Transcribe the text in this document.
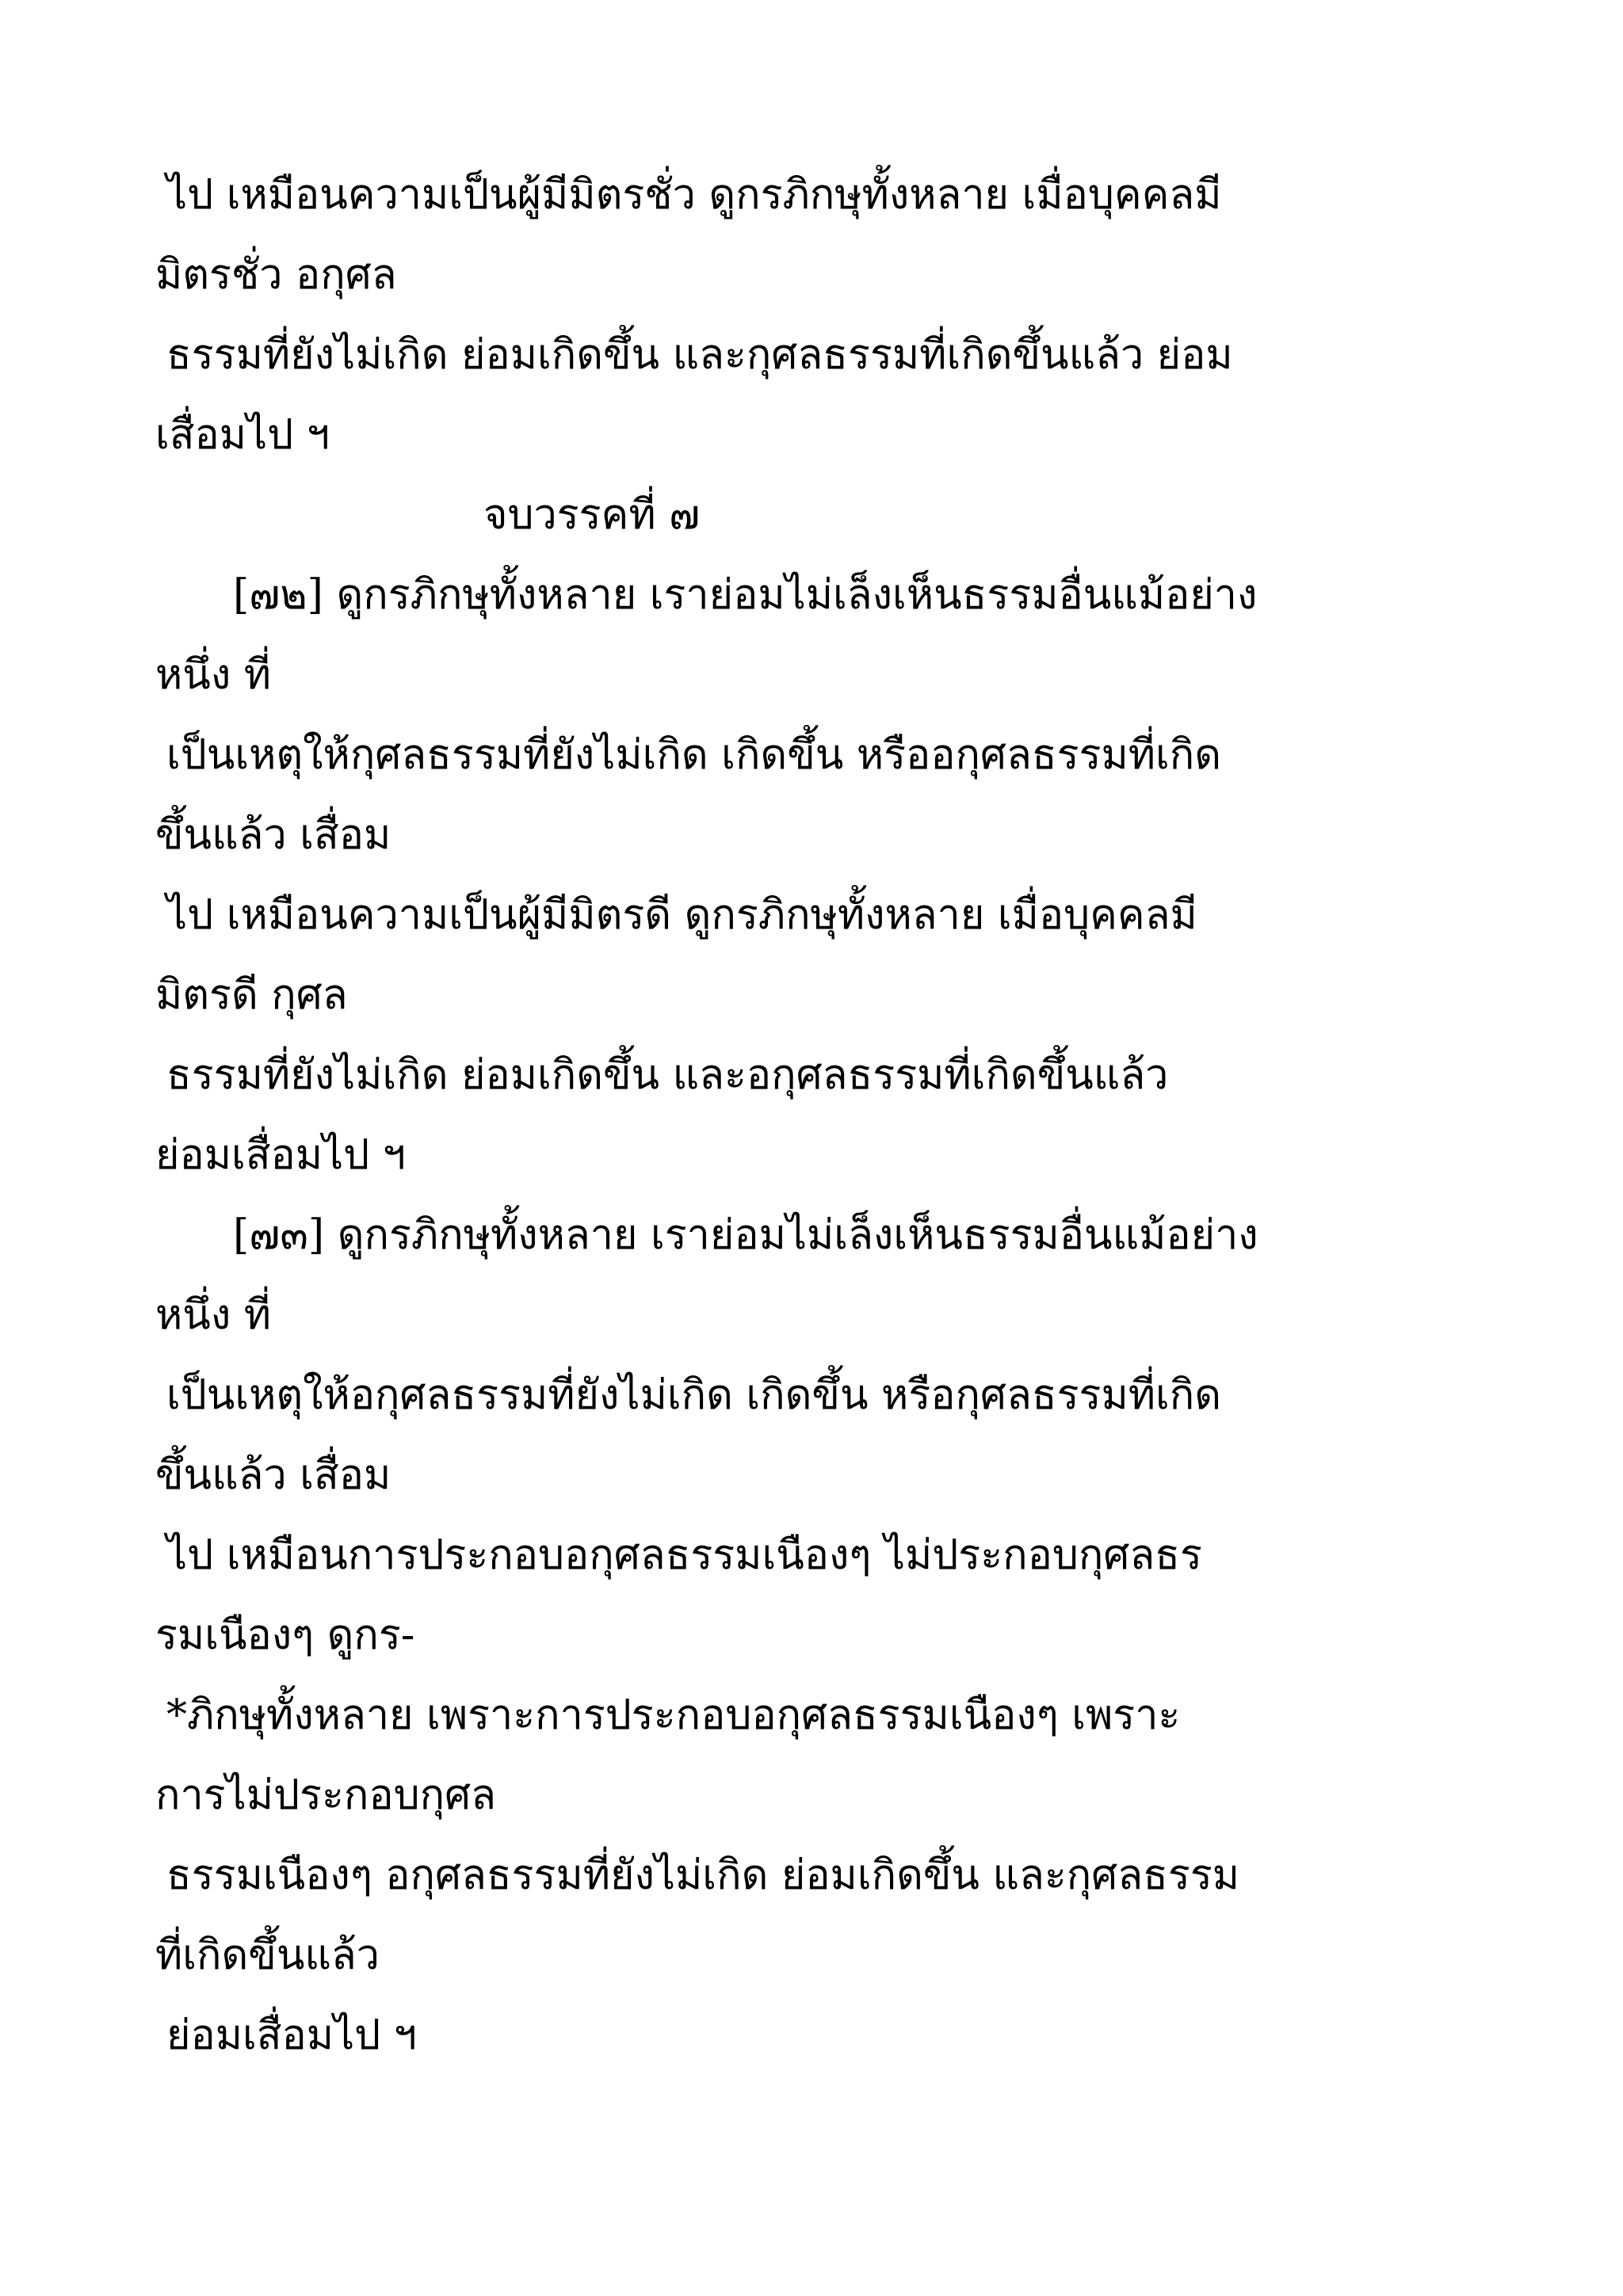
ไป เหมือนความเป็นผู้มีมิตรชั่ว ดูกรภิกษุทั้งหลาย เมื่อบุคคลมี
มิตรชั่ว อกุศล
ธรรมที่ยังไม่เกิด ย่อมเกิดขึ้น และกุศลธรรมที่เกิดขึ้นแล้ว ย่อม
เสื่อมไป ฯ
จบวรรคที่ ๗
[๗๒] ดูกรภิกษุทั้งหลาย เราย่อมไม่เล็งเห็นธรรมอื่นแม้อย่าง
หนึ่ง ที่
เป็นเหตุให้กุศลธรรมที่ยังไม่เกิด เกิดขึ้น หรืออกุศลธรรมที่เกิด
ขึ้นแล้ว เสื่อม
ไป เหมือนความเป็นผู้มีมิตรดี ดูกรภิกษุทั้งหลาย เมื่อบุคคลมี
มิตรดี กุศล
ธรรมที่ยังไม่เกิด ย่อมเกิดขึ้น และอกุศลธรรมที่เกิดขึ้นแล้ว
ย่อมเสื่อมไป ฯ
[๗๓] ดูกรภิกษุทั้งหลาย เราย่อมไม่เล็งเห็นธรรมอื่นแม้อย่าง
หนึ่ง ที่
เป็นเหตุให้อกุศลธรรมที่ยังไม่เกิด เกิดขึ้น หรือกุศลธรรมที่เกิด
ขึ้นแล้ว เสื่อม
ไป เหมือนการประกอบอกุศลธรรมเนืองๆ ไม่ประกอบกุศลธร
รมเนืองๆ ดูกร-
*ภิกษุทั้งหลาย เพราะการประกอบอกุศลธรรมเนืองๆ เพราะ
การไม่ประกอบกุศล
ธรรมเนืองๆ อกุศลธรรมที่ยังไม่เกิด ย่อมเกิดขึ้น และกุศลธรรม
ที่เกิดขึ้นแล้ว
ย่อมเสื่อมไป ฯ
